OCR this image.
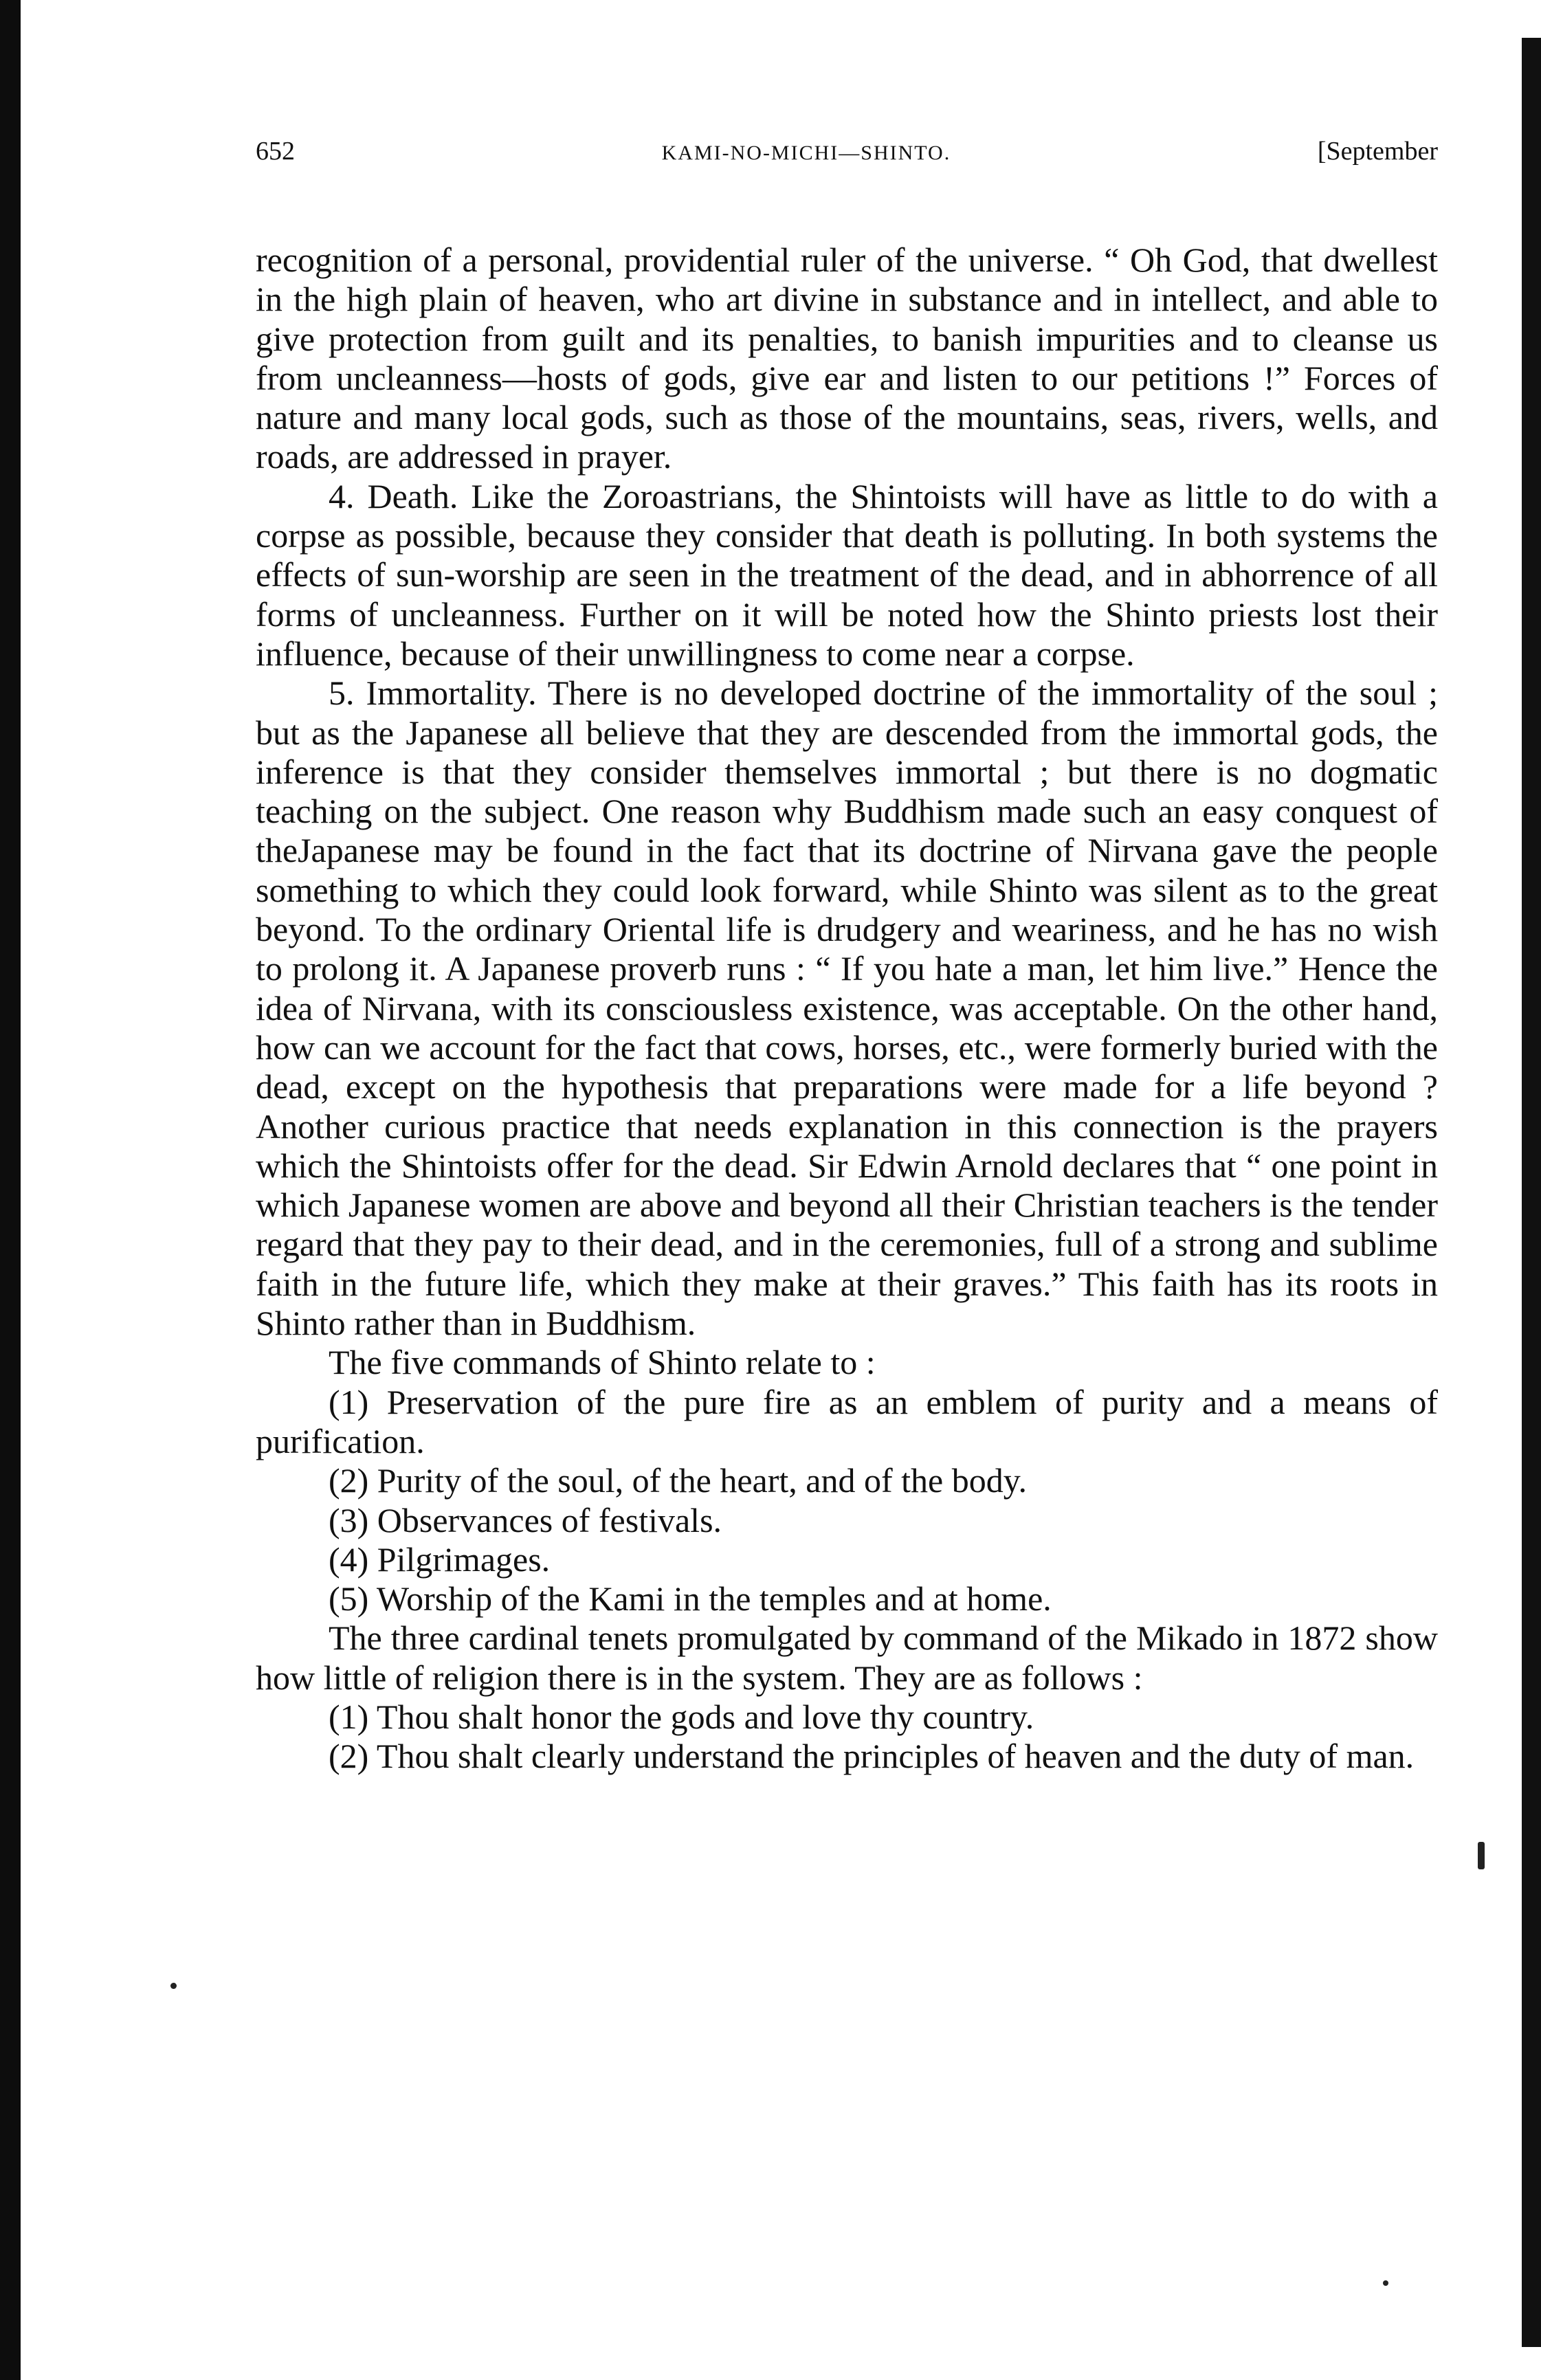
652	KAMI-NO-MICHI—SHINTO.	[September

recognition of a personal, providential ruler of the universe. “ Oh God, that dwellest in the high plain of heaven, who art divine in substance and in intellect, and able to give protection from guilt and its penalties, to banish impurities and to cleanse us from uncleanness—hosts of gods, give ear and listen to our petitions !” Forces of nature and many local gods, such as those of the mountains, seas, rivers, wells, and roads, are addressed in prayer.

4. Death. Like the Zoroastrians, the Shintoists will have as little to do with a corpse as possible, because they consider that death is polluting. In both systems the effects of sun-worship are seen in the treatment of the dead, and in abhorrence of all forms of uncleanness. Further on it will be noted how the Shinto priests lost their influence, because of their unwillingness to come near a corpse.

5. Immortality. There is no developed doctrine of the immortality of the soul ; but as the Japanese all believe that they are descended from the immortal gods, the inference is that they consider themselves immortal ; but there is no dogmatic teaching on the subject. One reason why Buddhism made such an easy conquest of theJapanese may be found in the fact that its doctrine of Nirvana gave the people something to which they could look forward, while Shinto was silent as to the great beyond. To the ordinary Oriental life is drudgery and weariness, and he has no wish to prolong it. A Japanese proverb runs : “ If you hate a man, let him live.” Hence the idea of Nirvana, with its consciousless existence, was acceptable. On the other hand, how can we account for the fact that cows, horses, etc., were formerly buried with the dead, except on the hypothesis that preparations were made for a life beyond ? Another curious practice that needs explanation in this connection is the prayers which the Shintoists offer for the dead. Sir Edwin Arnold declares that “ one point in which Japanese women are above and beyond all their Christian teachers is the tender regard that they pay to their dead, and in the ceremonies, full of a strong and sublime faith in the future life, which they make at their graves.” This faith has its roots in Shinto rather than in Buddhism.

The five commands of Shinto relate to :

(1) Preservation of the pure fire as an emblem of purity and a means of purification.

(2) Purity of the soul, of the heart, and of the body.

(3) Observances of festivals.

(4) Pilgrimages.

(5) Worship of the Kami in the temples and at home.

The three cardinal tenets promulgated by command of the Mikado in 1872 show how little of religion there is in the system. They are as follows :

(1) Thou shalt honor the gods and love thy country.

(2) Thou shalt clearly understand the principles of heaven and the duty of man.
